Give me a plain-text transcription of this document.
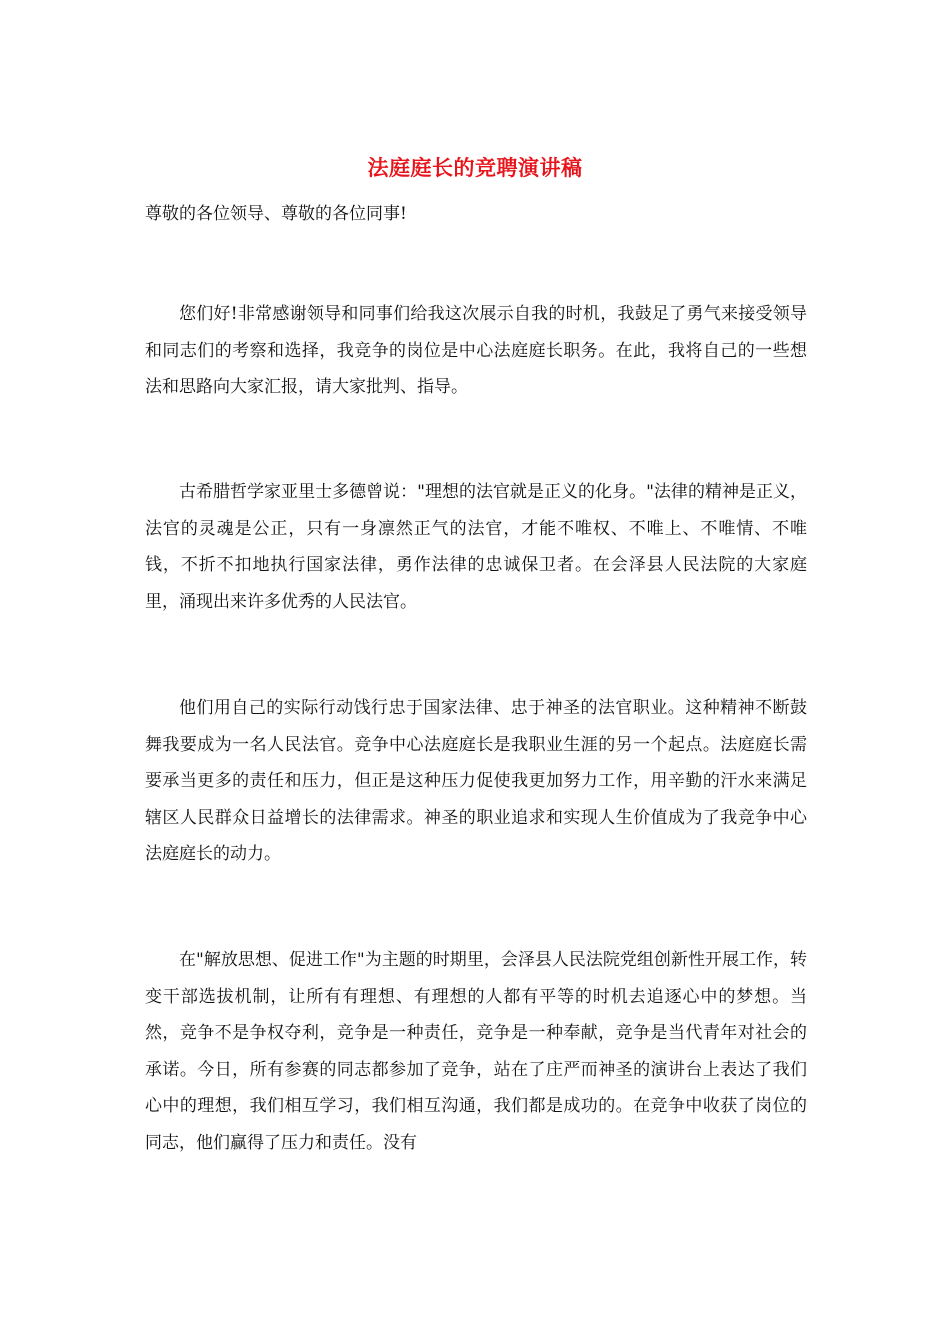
法庭庭长的竞聘演讲稿

尊敬的各位领导、尊敬的各位同事!

您们好!非常感谢领导和同事们给我这次展示自我的时机，我鼓足了勇气来接受领导和同志们的考察和选择，我竞争的岗位是中心法庭庭长职务。在此，我将自己的一些想法和思路向大家汇报，请大家批判、指导。

古希腊哲学家亚里士多德曾说："理想的法官就是正义的化身。"法律的精神是正义，法官的灵魂是公正，只有一身凛然正气的法官，才能不唯权、不唯上、不唯情、不唯钱，不折不扣地执行国家法律，勇作法律的忠诚保卫者。在会泽县人民法院的大家庭里，涌现出来许多优秀的人民法官。

他们用自己的实际行动饯行忠于国家法律、忠于神圣的法官职业。这种精神不断鼓舞我要成为一名人民法官。竞争中心法庭庭长是我职业生涯的另一个起点。法庭庭长需要承当更多的责任和压力，但正是这种压力促使我更加努力工作，用辛勤的汗水来满足辖区人民群众日益增长的法律需求。神圣的职业追求和实现人生价值成为了我竞争中心法庭庭长的动力。

在"解放思想、促进工作"为主题的时期里，会泽县人民法院党组创新性开展工作，转变干部选拔机制，让所有有理想、有理想的人都有平等的时机去追逐心中的梦想。当然，竞争不是争权夺利，竞争是一种责任，竞争是一种奉献，竞争是当代青年对社会的承诺。今日，所有参赛的同志都参加了竞争，站在了庄严而神圣的演讲台上表达了我们心中的理想，我们相互学习，我们相互沟通，我们都是成功的。在竞争中收获了岗位的同志，他们赢得了压力和责任。没有
